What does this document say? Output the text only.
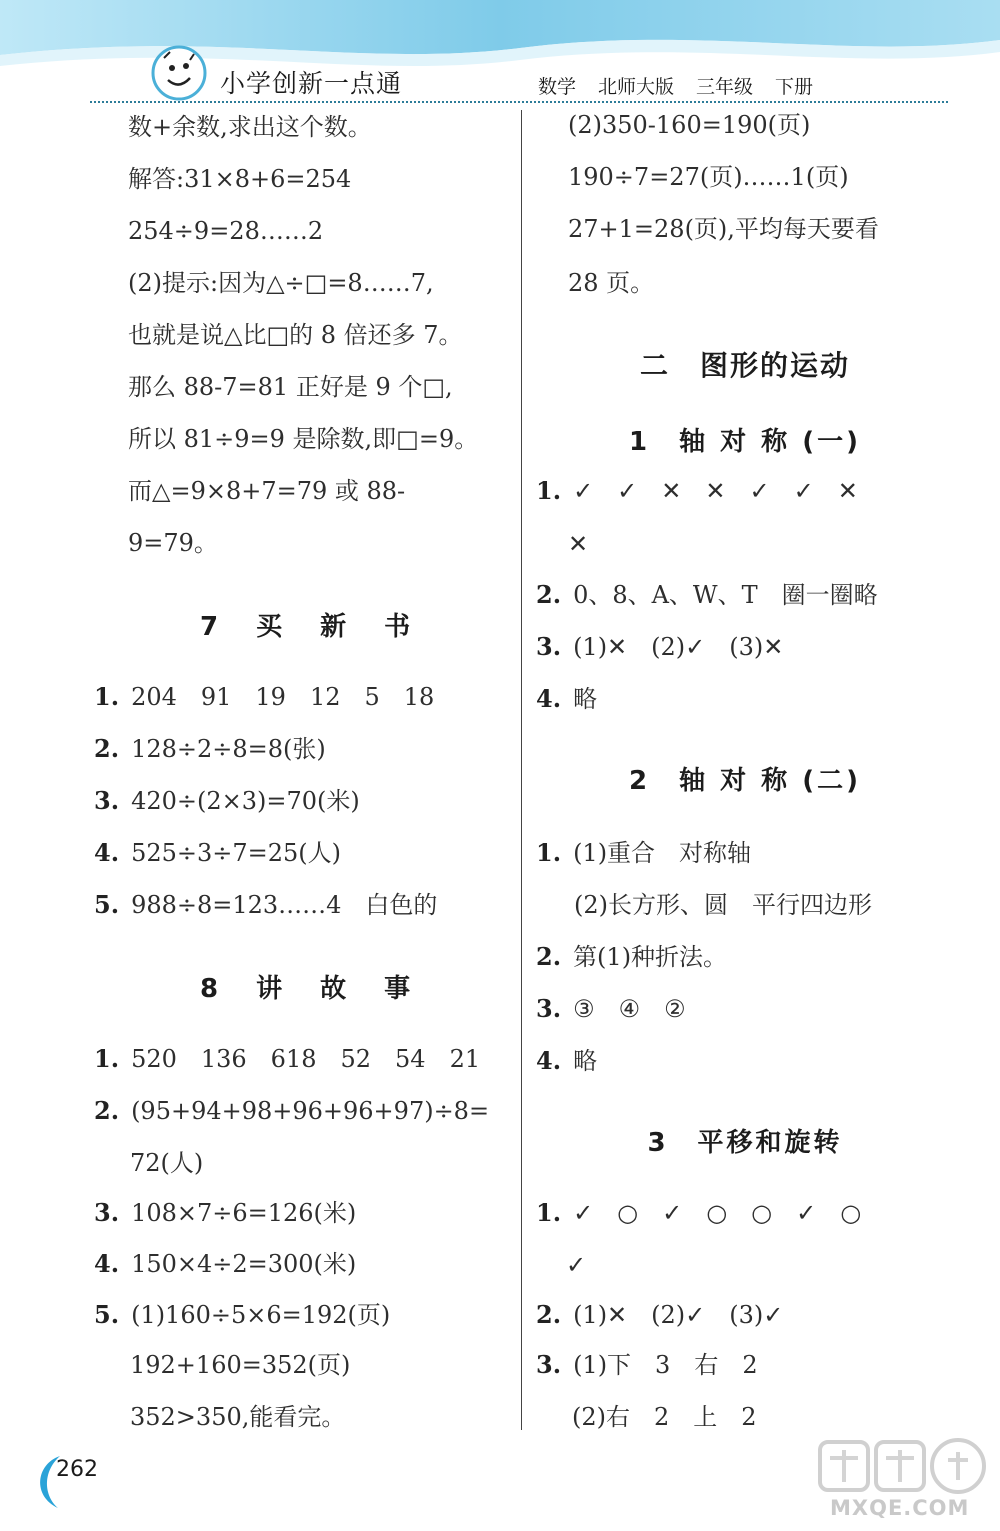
小学创新一点通	数学 北师大版 三年级 下册
数+余数,求出这个数。
解答:31×8+6=254
254÷9=28……2
(2)提示:因为△÷□=8……7,
也就是说△比□的 8 倍还多 7。
那么 88-7=81 正好是 9 个□,
所以 81÷9=9 是除数,即□=9。
而△=9×8+7=79 或 88-
9=79。
7　买　新　书
1. 204　91　19　12　5　18
2. 128÷2÷8=8(张)
3. 420÷(2×3)=70(米)
4. 525÷3÷7=25(人)
5. 988÷8=123……4　白色的
8　讲　故　事
1. 520　136　618　52　54　21
2. (95+94+98+96+96+97)÷8=
72(人)
3. 108×7÷6=126(米)
4. 150×4÷2=300(米)
5. (1)160÷5×6=192(页)
192+160=352(页)
352>350,能看完。
(2)350-160=190(页)
190÷7=27(页)……1(页)
27+1=28(页),平均每天要看
28 页。
二　图形的运动
1　轴 对 称 (一)
1. ✓　✓　✕　✕　✓　✓　✕
✕
2. 0、8、A、W、T　圈一圈略
3. (1)✕　(2)✓　(3)✕
4. 略
2　轴 对 称 (二)
1. (1)重合　对称轴
(2)长方形、圆　平行四边形
2. 第(1)种折法。
3. ③　④　②
4. 略
3　平移和旋转
1. ✓　○　✓　○　○　✓　○
✓
2. (1)✕　(2)✓　(3)✓
3. (1)下　3　右　2
(2)右　2　上　2
262
MXQE.COM
